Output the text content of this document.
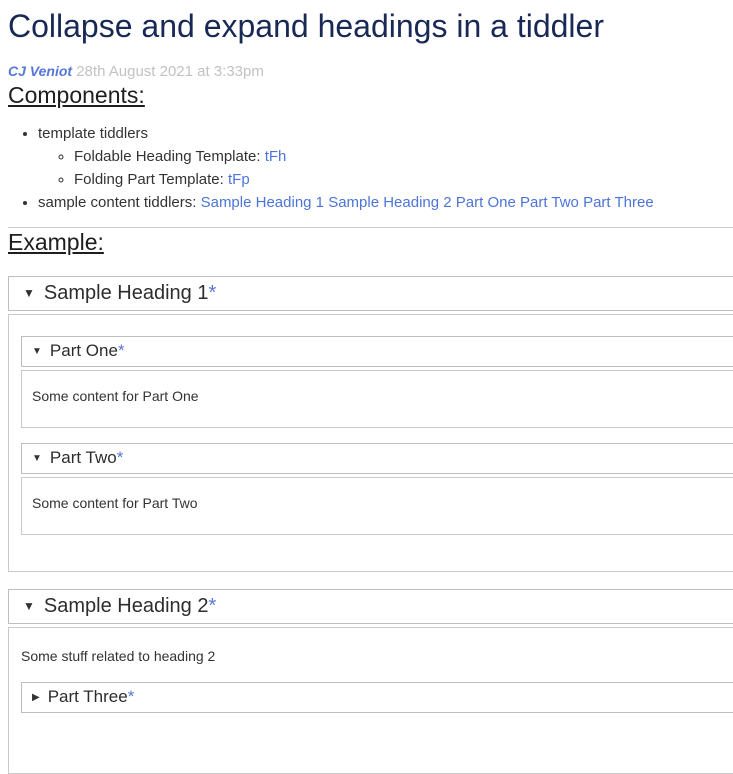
Collapse and expand headings in a tiddler
CJ Veniot 28th August 2021 at 3:33pm
Components:
• template tiddlers
◦ Foldable Heading Template: tFh
◦ Folding Part Template: tFp
• sample content tiddlers: Sample Heading 1 Sample Heading 2 Part One Part Two Part Three
Example:
▼ Sample Heading 1*
▼ Part One*
Some content for Part One
▼ Part Two*
Some content for Part Two
▼ Sample Heading 2*

Some stuff related to heading 2

▶ Part Three*
